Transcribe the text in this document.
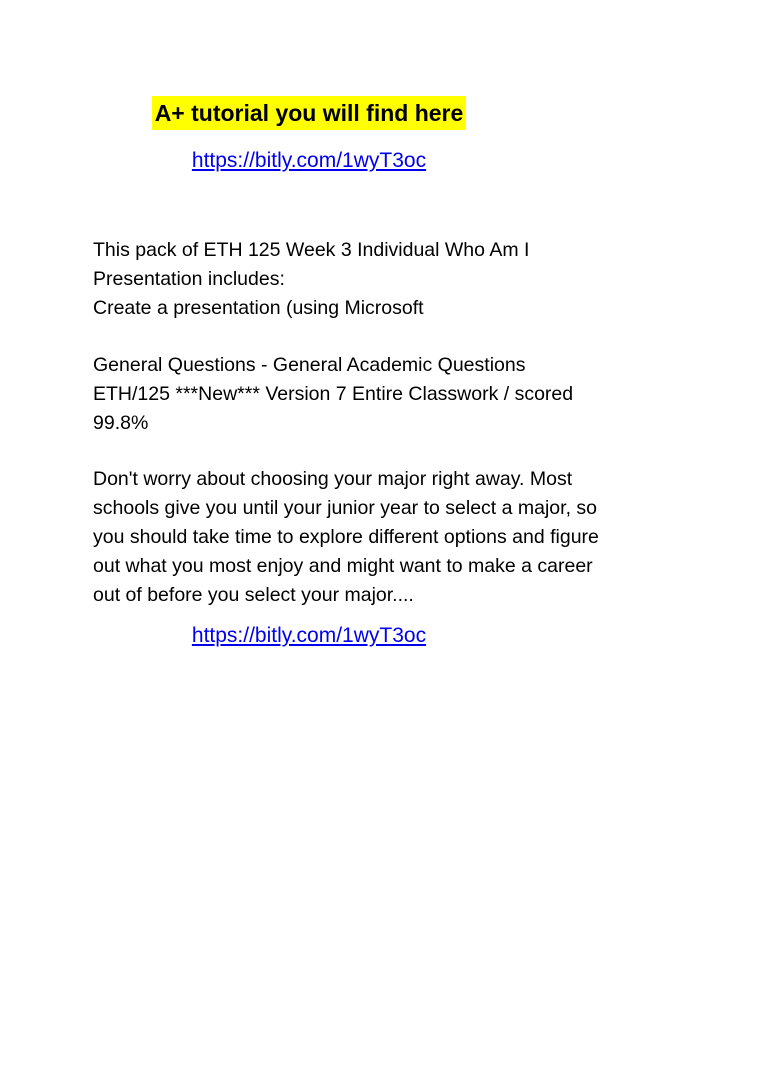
A+ tutorial you will find here
https://bitly.com/1wyT3oc

This pack of ETH 125 Week 3 Individual Who Am I

Presentation includes:

Create a presentation (using Microsoft

General Questions - General Academic Questions

ETH/125 ***New*** Version 7 Entire Classwork / scored

99.8%

Don't worry about choosing your major right away. Most

schools give you until your junior year to select a major, so

you should take time to explore different options and figure

out what you most enjoy and might want to make a career

out of before you select your major....

https://bitly.com/1wyT3oc
